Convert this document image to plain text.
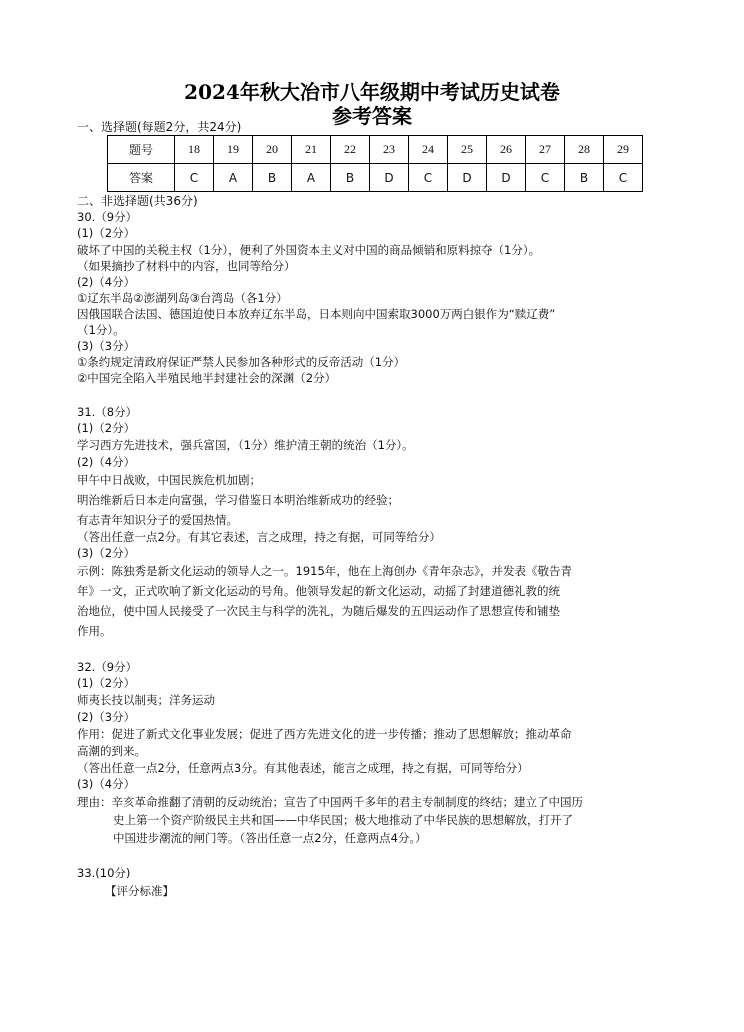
2024年秋大冶市八年级期中考试历史试卷
参考答案
一、选择题(每题2分，共24分)
题号	18	19	20	21	22	23	24	25	26	27	28	29
答案	C	A	B	A	B	D	C	D	D	C	B	C
二、非选择题(共36分)
30.（9分）
(1)（2分）
破坏了中国的关税主权（1分），便利了外国资本主义对中国的商品倾销和原料掠夺（1分）。
（如果摘抄了材料中的内容，也同等给分）
(2)（4分）
①辽东半岛②澎湖列岛③台湾岛（各1分）
因俄国联合法国、德国迫使日本放弃辽东半岛，日本则向中国索取3000万两白银作为“赎辽费”
（1分）。
(3)（3分）
①条约规定清政府保证严禁人民参加各种形式的反帝活动（1分）
②中国完全陷入半殖民地半封建社会的深渊（2分）
31.（8分）
(1)（2分）
学习西方先进技术，强兵富国，（1分）维护清王朝的统治（1分）。
(2)（4分）
甲午中日战败，中国民族危机加剧；
明治维新后日本走向富强，学习借鉴日本明治维新成功的经验；
有志青年知识分子的爱国热情。
（答出任意一点2分。有其它表述，言之成理，持之有据，可同等给分）
(3)（2分）
示例：陈独秀是新文化运动的领导人之一。1915年，他在上海创办《青年杂志》，并发表《敬告青
年》一文，正式吹响了新文化运动的号角。他领导发起的新文化运动，动摇了封建道德礼教的统
治地位，使中国人民接受了一次民主与科学的洗礼，为随后爆发的五四运动作了思想宣传和铺垫
作用。
32.（9分）
(1)（2分）
师夷长技以制夷；洋务运动
(2)（3分）
作用：促进了新式文化事业发展；促进了西方先进文化的进一步传播；推动了思想解放；推动革命
高潮的到来。
（答出任意一点2分，任意两点3分。有其他表述，能言之成理，持之有据，可同等给分）
(3)（4分）
理由：辛亥革命推翻了清朝的反动统治；宣告了中国两千多年的君主专制制度的终结；建立了中国历
史上第一个资产阶级民主共和国——中华民国；极大地推动了中华民族的思想解放，打开了
中国进步潮流的闸门等。（答出任意一点2分，任意两点4分。）
33.(10分)
【评分标准】
